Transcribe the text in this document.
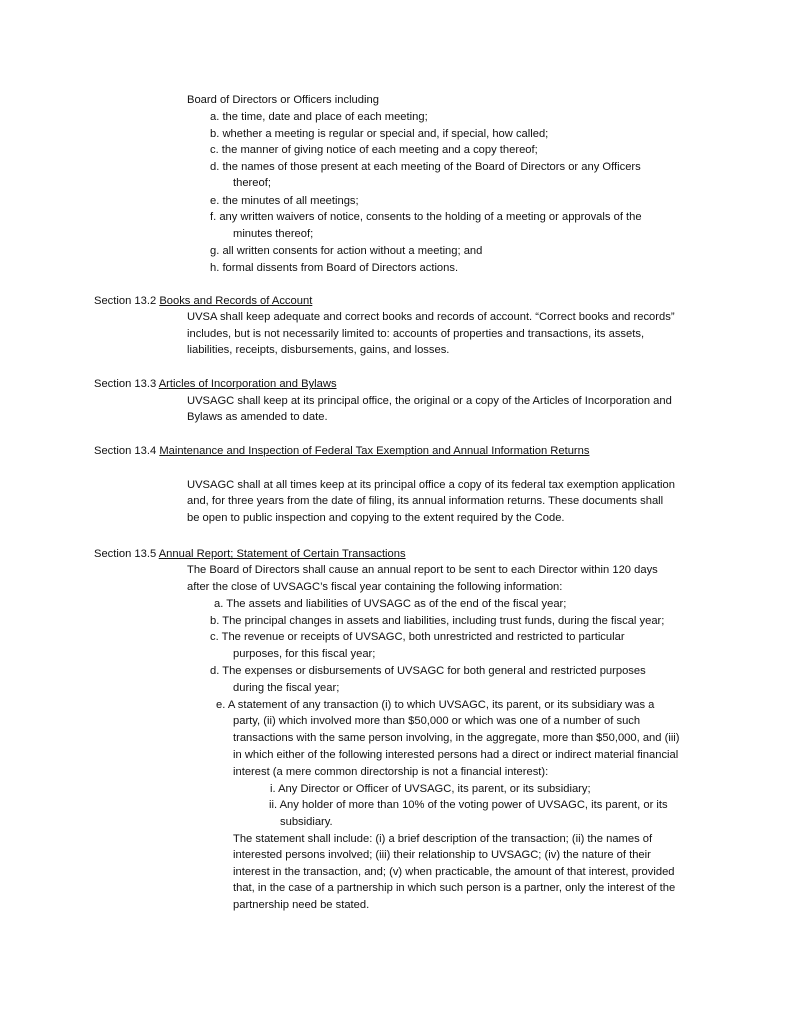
Board of Directors or Officers including
a. the time, date and place of each meeting;
b. whether a meeting is regular or special and, if special, how called;
c. the manner of giving notice of each meeting and a copy thereof;
d. the names of those present at each meeting of the Board of Directors or any Officers
thereof;
e. the minutes of all meetings;
f. any written waivers of notice, consents to the holding of a meeting or approvals of the
minutes thereof;
g. all written consents for action without a meeting; and
h. formal dissents from Board of Directors actions.
Section 13.2 Books and Records of Account
UVSA shall keep adequate and correct books and records of account. “Correct books and records”
includes, but is not necessarily limited to: accounts of properties and transactions, its assets,
liabilities, receipts, disbursements, gains, and losses.
Section 13.3 Articles of Incorporation and Bylaws
UVSAGC shall keep at its principal office, the original or a copy of the Articles of Incorporation and
Bylaws as amended to date.
Section 13.4 Maintenance and Inspection of Federal Tax Exemption and Annual Information Returns
UVSAGC shall at all times keep at its principal office a copy of its federal tax exemption application
and, for three years from the date of filing, its annual information returns. These documents shall
be open to public inspection and copying to the extent required by the Code.
Section 13.5 Annual Report; Statement of Certain Transactions
The Board of Directors shall cause an annual report to be sent to each Director within 120 days
after the close of UVSAGC’s fiscal year containing the following information:
a. The assets and liabilities of UVSAGC as of the end of the fiscal year;
b. The principal changes in assets and liabilities, including trust funds, during the fiscal year;
c. The revenue or receipts of UVSAGC, both unrestricted and restricted to particular
purposes, for this fiscal year;
d. The expenses or disbursements of UVSAGC for both general and restricted purposes
during the fiscal year;
e. A statement of any transaction (i) to which UVSAGC, its parent, or its subsidiary was a
party, (ii) which involved more than $50,000 or which was one of a number of such
transactions with the same person involving, in the aggregate, more than $50,000, and (iii)
in which either of the following interested persons had a direct or indirect material financial
interest (a mere common directorship is not a financial interest):
i. Any Director or Officer of UVSAGC, its parent, or its subsidiary;
ii. Any holder of more than 10% of the voting power of UVSAGC, its parent, or its
subsidiary.
The statement shall include: (i) a brief description of the transaction; (ii) the names of
interested persons involved; (iii) their relationship to UVSAGC; (iv) the nature of their
interest in the transaction, and; (v) when practicable, the amount of that interest, provided
that, in the case of a partnership in which such person is a partner, only the interest of the
partnership need be stated.
